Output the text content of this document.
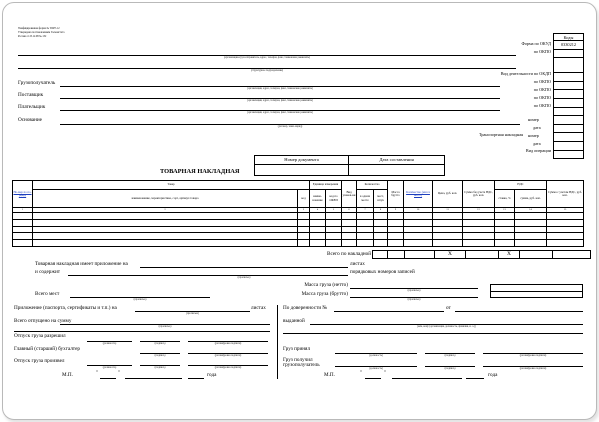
Унифицированная форма № ТОРГ-12
Утверждена постановлением Госкомстата
России от 25.12.98 № 132	Коды
0330212

Форма по ОКУД
по ОКПО
Вид деятельности по ОКДП
по ОКПО
по ОКПО
по ОКПО
по ОКПО
номер
дата
Транспортная накладная номер
дата
Вид операции
(организация-грузоотправитель, адрес, телефон, факс, банковские реквизиты)
(структурное подразделение)
Грузополучатель
(организация, адрес, телефон, факс, банковские реквизиты)
Поставщик
(организация, адрес, телефон, факс, банковские реквизиты)
Плательщик
(организация, адрес, телефон, факс, банковские реквизиты)
Основание
(договор, заказ-наряд)
Номер документа	Дата составления

ТОВАРНАЯ НАКЛАДНАЯ
Но-мер по по-рядку	Товар		Единица измерения		Вид упаков-ки	Количество		Масса брутто	Количество (масса нетто)	Цена, руб. коп.	Сумма без учета НДС, руб. коп.	НДС		Сумма с учетом НДС, руб. коп.
	наименование, характеристика, сорт, артикул товара	код	наиме-нование	код по ОКЕИ		в одном месте	мест, штук					ставка, %	сумма, руб. коп.	
1	2	3	4	5	6	7	8	9	10	11	12	13	14	15

Всего по накладной
				X		X		
Товарная накладная имеет приложение на	листах
и содержит
(прописью)
порядковых номеров записей
Масса груза (нетто)
(прописью)
Всего мест
(прописью)
Масса груза (брутто)
(прописью)
Приложение (паспорта, сертификаты и т.п.) на	листах
(прописью)
Всего отпущено на сумму
(прописью)
Отпуск груза разрешил
(должность)	(подпись)	(расшифровка подписи)
Главный (старший) бухгалтер
(подпись)	(расшифровка подписи)
Отпуск груза произвел
(должность)	(подпись)	(расшифровка подписи)
М.П.	"	"	года
По доверенности №	от
выданной
(кем, кому (организация, должность, фамилия, и. о.))
Груз принял
(должность)	(подпись)	(расшифровка подписи)
Груз получил грузополучатель
(должность)	(подпись)	(расшифровка подписи)
М.П.	"	"	года
